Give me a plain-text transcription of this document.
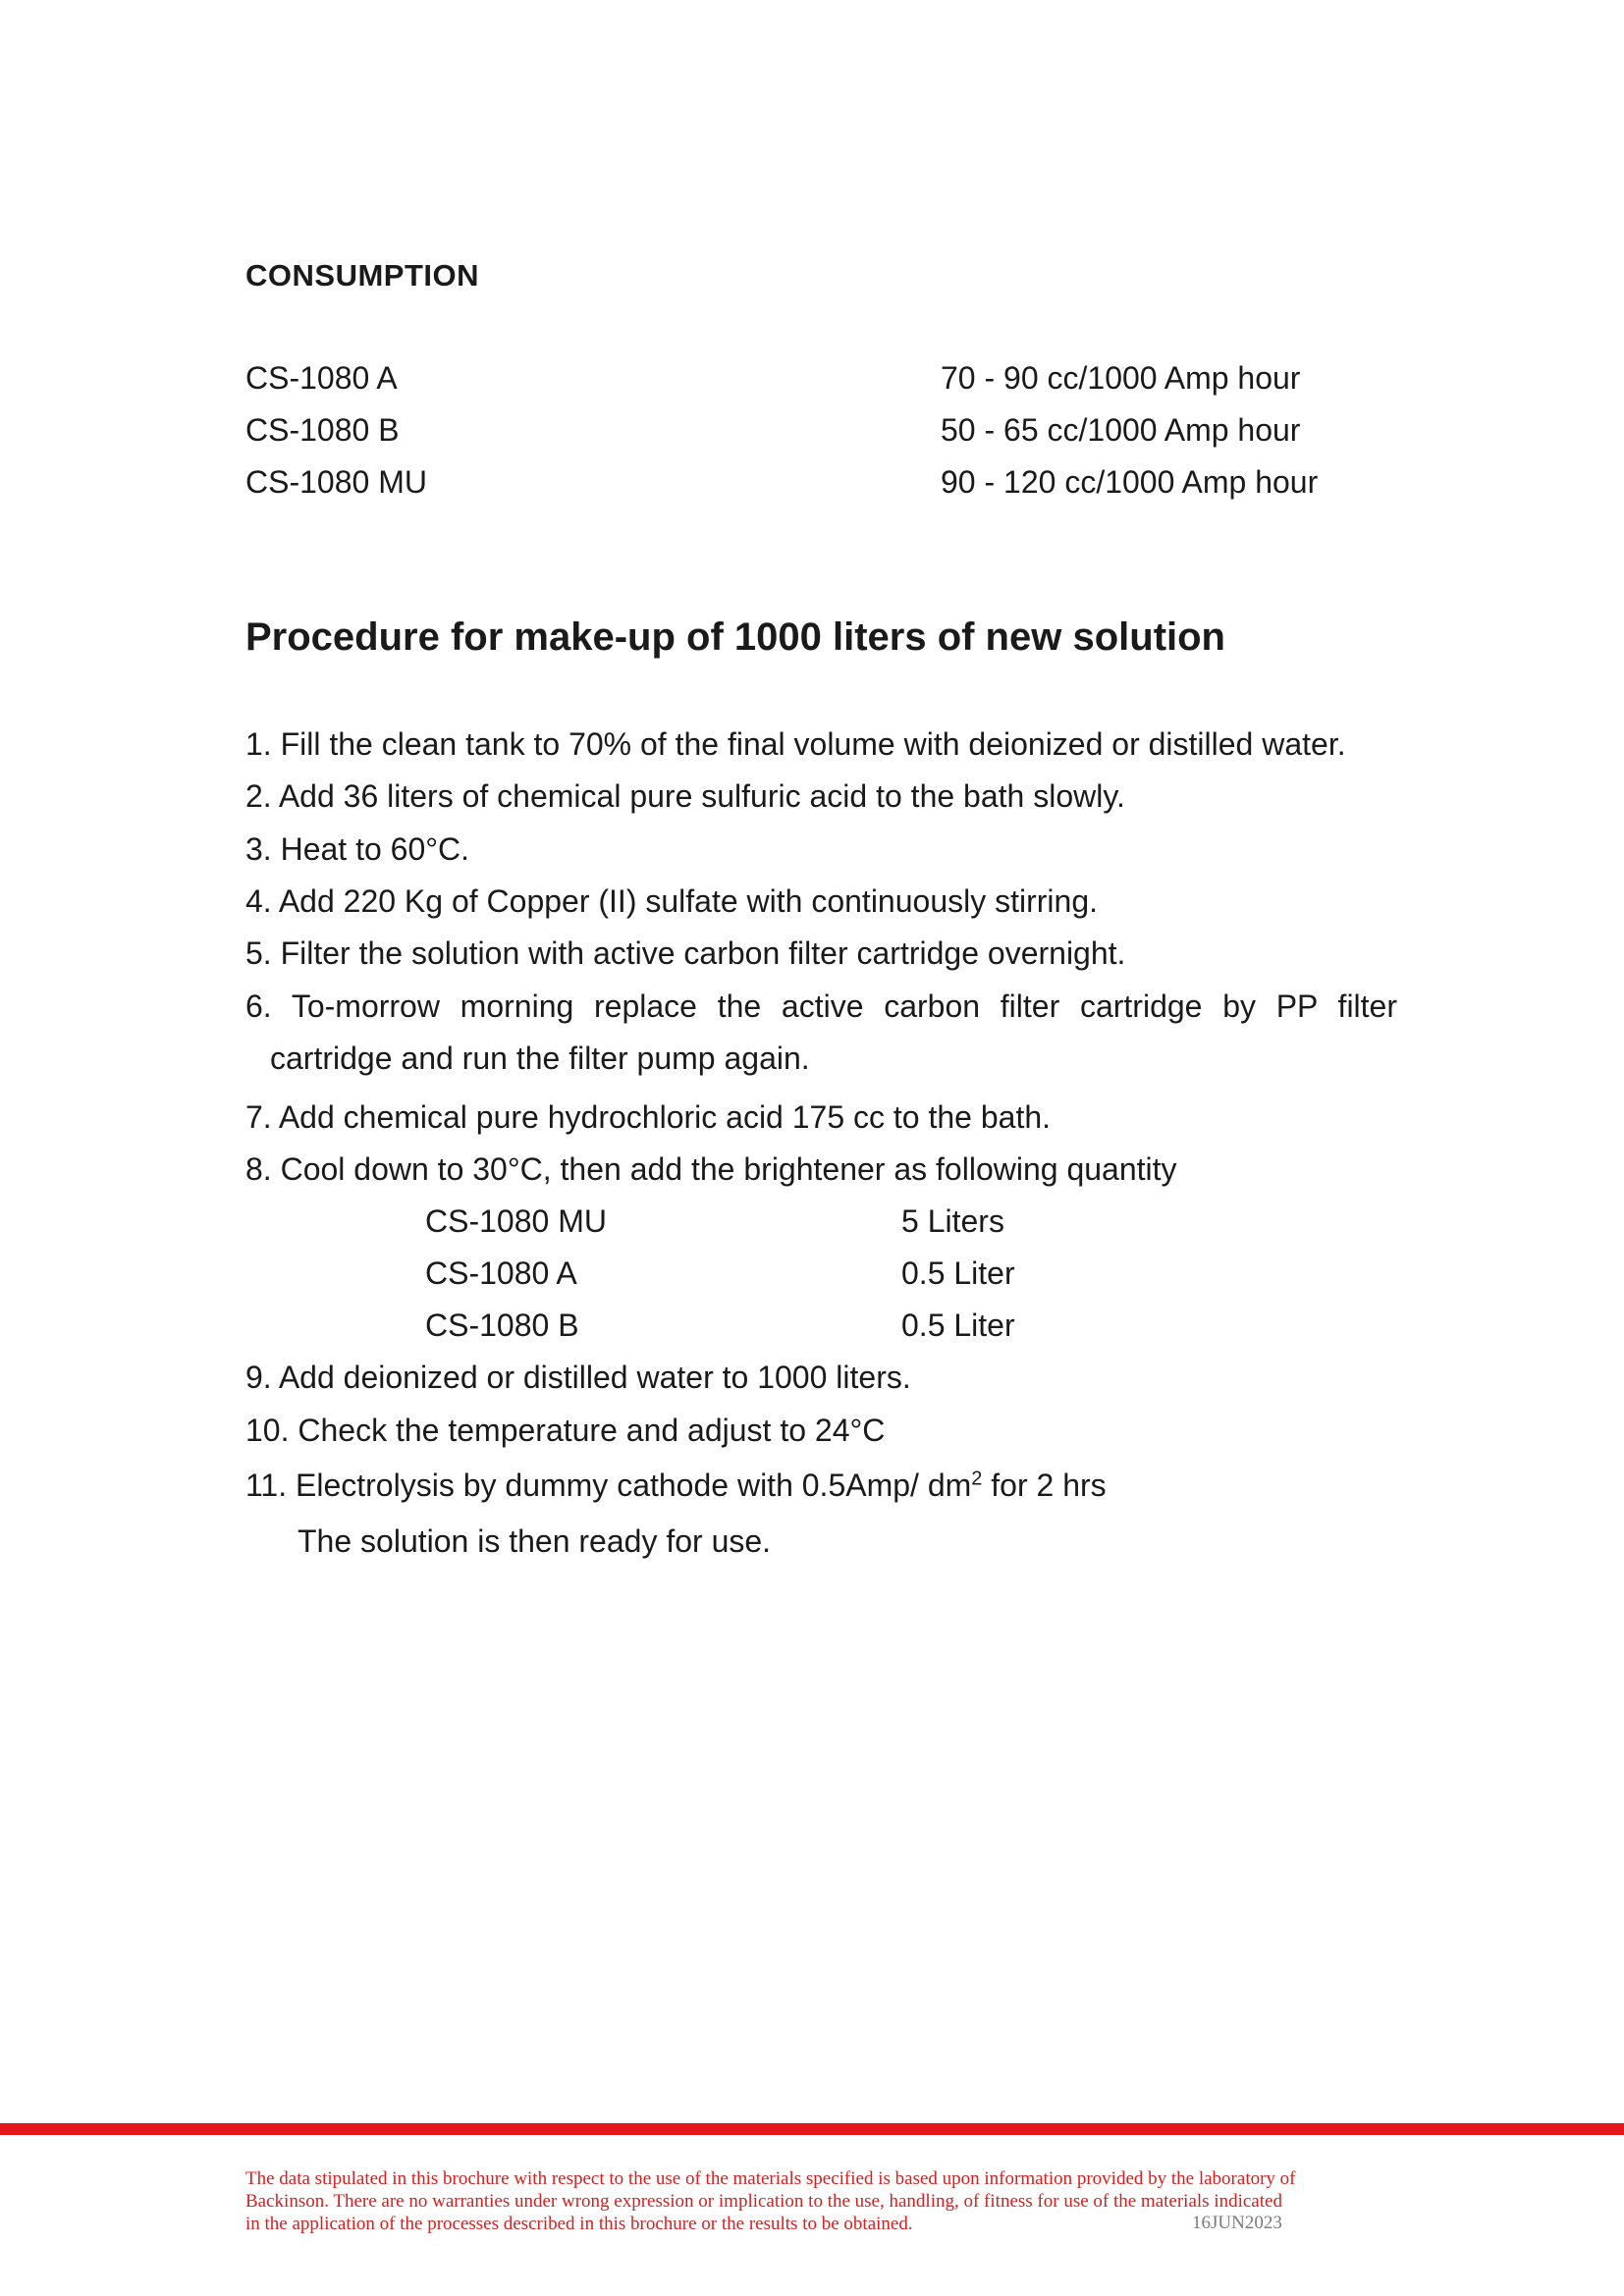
CONSUMPTION
CS-1080 A	70 - 90 cc/1000 Amp hour
CS-1080 B	50 - 65 cc/1000 Amp hour
CS-1080 MU	90 - 120 cc/1000 Amp hour
Procedure for make-up of 1000 liters of new solution
1. Fill the clean tank to 70% of the final volume with deionized or distilled water.
2. Add 36 liters of chemical pure sulfuric acid to the bath slowly.
3. Heat to 60°C.
4. Add 220 Kg of Copper (II) sulfate with continuously stirring.
5. Filter the solution with active carbon filter cartridge overnight.
6. To-morrow morning replace the active carbon filter cartridge by PP filter
cartridge and run the filter pump again.
7. Add chemical pure hydrochloric acid 175 cc to the bath.
8. Cool down to 30°C, then add the brightener as following quantity
CS-1080 MU	5 Liters
CS-1080 A	0.5 Liter
CS-1080 B	0.5 Liter
9. Add deionized or distilled water to 1000 liters.
10. Check the temperature and adjust to 24°C
11. Electrolysis by dummy cathode with 0.5Amp/ $dm^2$ for 2 hrs
The solution is then ready for use.
The data stipulated in this brochure with respect to the use of the materials specified is based upon information provided by the laboratory of
Backinson. There are no warranties under wrong expression or implication to the use, handling, of fitness for use of the materials indicated
in the application of the processes described in this brochure or the results to be obtained.	16JUN2023
